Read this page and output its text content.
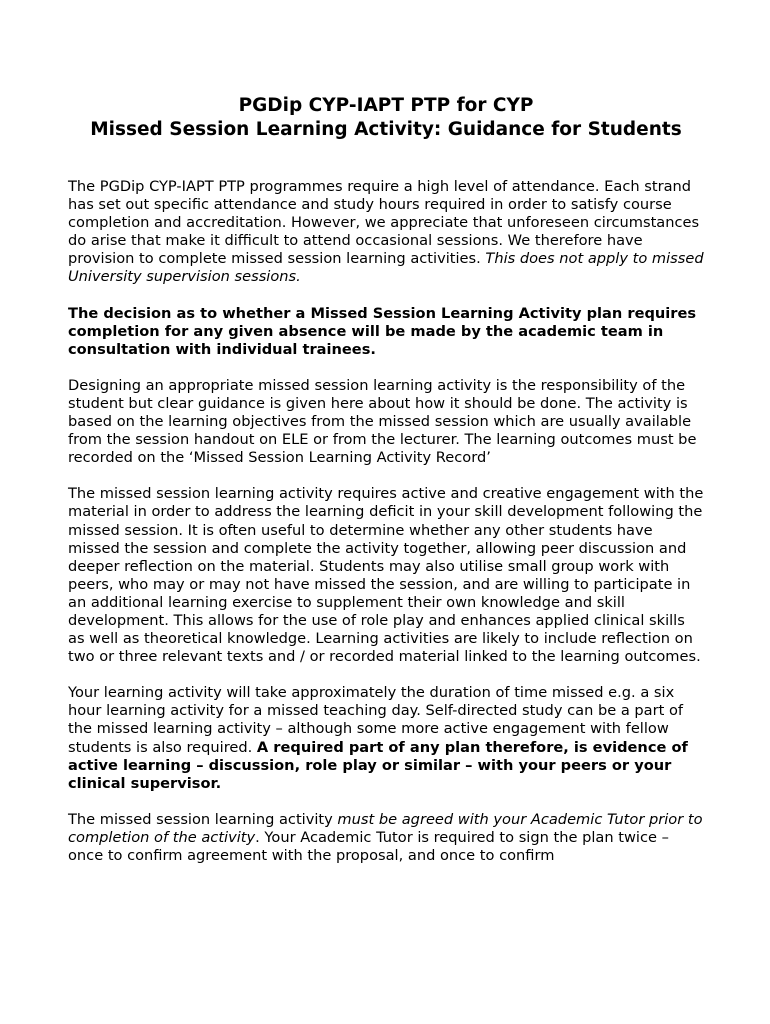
PGDip CYP-IAPT PTP for CYP
Missed Session Learning Activity: Guidance for Students

The PGDip CYP-IAPT PTP programmes require a high level of attendance. Each strand has set out specific attendance and study hours required in order to satisfy course completion and accreditation. However, we appreciate that unforeseen circumstances do arise that make it difficult to attend occasional sessions. We therefore have provision to complete missed session learning activities. This does not apply to missed University supervision sessions.

The decision as to whether a Missed Session Learning Activity plan requires completion for any given absence will be made by the academic team in consultation with individual trainees.

Designing an appropriate missed session learning activity is the responsibility of the student but clear guidance is given here about how it should be done. The activity is based on the learning objectives from the missed session which are usually available from the session handout on ELE or from the lecturer. The learning outcomes must be recorded on the ‘Missed Session Learning Activity Record’

The missed session learning activity requires active and creative engagement with the material in order to address the learning deficit in your skill development following the missed session. It is often useful to determine whether any other students have missed the session and complete the activity together, allowing peer discussion and deeper reflection on the material. Students may also utilise small group work with peers, who may or may not have missed the session, and are willing to participate in an additional learning exercise to supplement their own knowledge and skill development. This allows for the use of role play and enhances applied clinical skills as well as theoretical knowledge. Learning activities are likely to include reflection on two or three relevant texts and / or recorded material linked to the learning outcomes.

Your learning activity will take approximately the duration of time missed e.g. a six hour learning activity for a missed teaching day. Self-directed study can be a part of the missed learning activity – although some more active engagement with fellow students is also required. A required part of any plan therefore, is evidence of active learning – discussion, role play or similar – with your peers or your clinical supervisor.

The missed session learning activity must be agreed with your Academic Tutor prior to completion of the activity. Your Academic Tutor is required to sign the plan twice – once to confirm agreement with the proposal, and once to confirm
